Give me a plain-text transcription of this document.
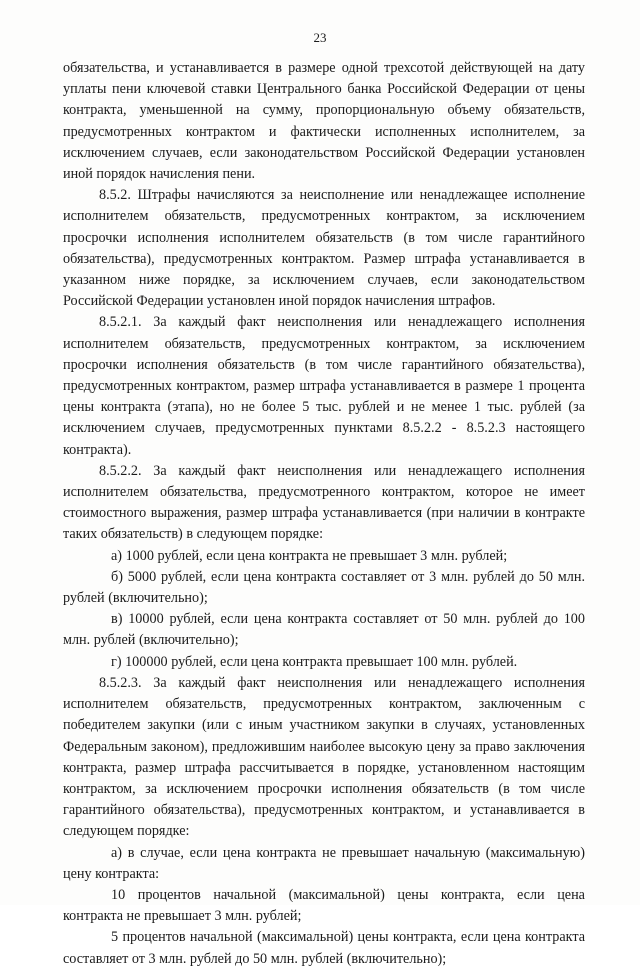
23

обязательства, и устанавливается в размере одной трехсотой действующей на дату уплаты пени ключевой ставки Центрального банка Российской Федерации от цены контракта, уменьшенной на сумму, пропорциональную объему обязательств, предусмотренных контрактом и фактически исполненных исполнителем, за исключением случаев, если законодательством Российской Федерации установлен иной порядок начисления пени.

8.5.2. Штрафы начисляются за неисполнение или ненадлежащее исполнение исполнителем обязательств, предусмотренных контрактом, за исключением просрочки исполнения исполнителем обязательств (в том числе гарантийного обязательства), предусмотренных контрактом. Размер штрафа устанавливается в указанном ниже порядке, за исключением случаев, если законодательством Российской Федерации установлен иной порядок начисления штрафов.

8.5.2.1. За каждый факт неисполнения или ненадлежащего исполнения исполнителем обязательств, предусмотренных контрактом, за исключением просрочки исполнения обязательств (в том числе гарантийного обязательства), предусмотренных контрактом, размер штрафа устанавливается в размере 1 процента цены контракта (этапа), но не более 5 тыс. рублей и не менее 1 тыс. рублей (за исключением случаев, предусмотренных пунктами 8.5.2.2 - 8.5.2.3 настоящего контракта).

8.5.2.2. За каждый факт неисполнения или ненадлежащего исполнения исполнителем обязательства, предусмотренного контрактом, которое не имеет стоимостного выражения, размер штрафа устанавливается (при наличии в контракте таких обязательств) в следующем порядке:

а) 1000 рублей, если цена контракта не превышает 3 млн. рублей;

б) 5000 рублей, если цена контракта составляет от 3 млн. рублей до 50 млн. рублей (включительно);

в) 10000 рублей, если цена контракта составляет от 50 млн. рублей до 100 млн. рублей (включительно);

г) 100000 рублей, если цена контракта превышает 100 млн. рублей.

8.5.2.3. За каждый факт неисполнения или ненадлежащего исполнения исполнителем обязательств, предусмотренных контрактом, заключенным с победителем закупки (или с иным участником закупки в случаях, установленных Федеральным законом), предложившим наиболее высокую цену за право заключения контракта, размер штрафа рассчитывается в порядке, установленном настоящим контрактом, за исключением просрочки исполнения обязательств (в том числе гарантийного обязательства), предусмотренных контрактом, и устанавливается в следующем порядке:

а) в случае, если цена контракта не превышает начальную (максимальную) цену контракта:

10 процентов начальной (максимальной) цены контракта, если цена контракта не превышает 3 млн. рублей;

5 процентов начальной (максимальной) цены контракта, если цена контракта составляет от 3 млн. рублей до 50 млн. рублей (включительно);
